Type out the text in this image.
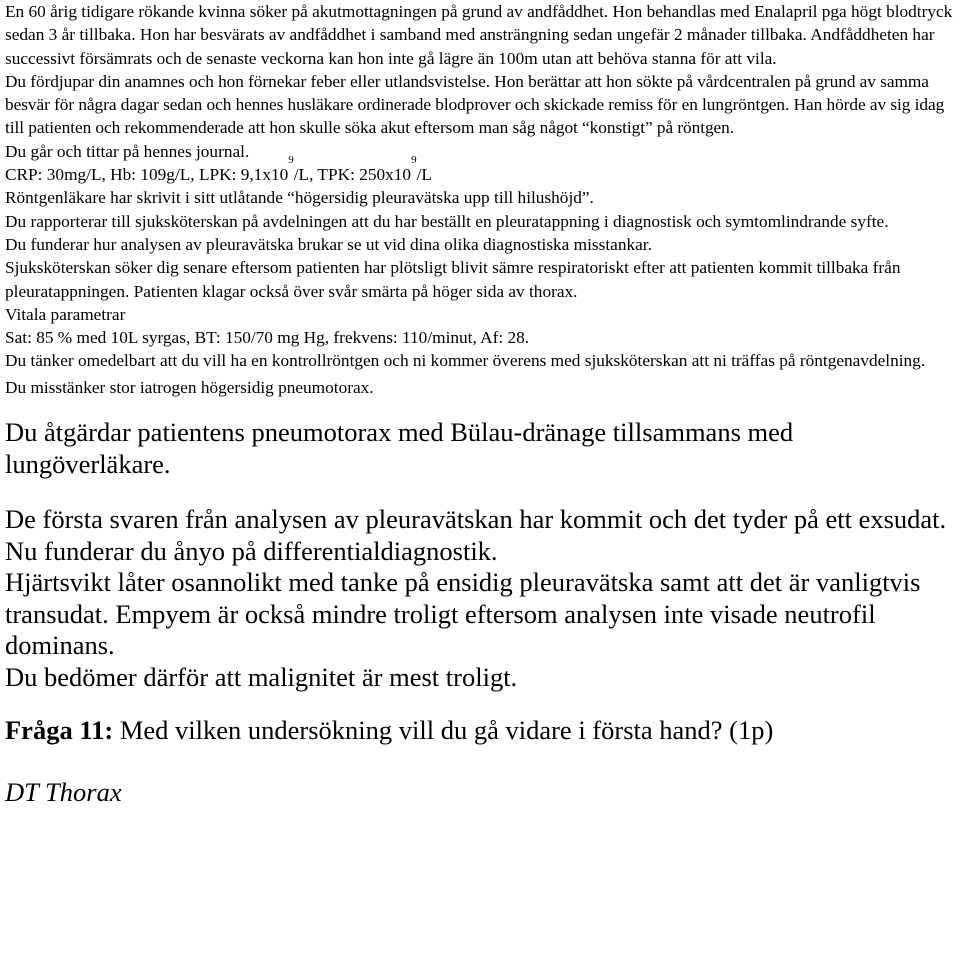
En 60 årig tidigare rökande kvinna söker på akutmottagningen på grund av andfåddhet. Hon behandlas med Enalapril pga högt blodtryck sedan 3 år tillbaka. Hon har besvärats av andfåddhet i samband med ansträngning sedan ungefär 2 månader tillbaka. Andfåddheten har successivt försämrats och de senaste veckorna kan hon inte gå lägre än 100m utan att behöva stanna för att vila.

Du fördjupar din anamnes och hon förnekar feber eller utlandsvistelse. Hon berättar att hon sökte på vårdcentralen på grund av samma besvär för några dagar sedan och hennes husläkare ordinerade blodprover och skickade remiss för en lungröntgen. Han hörde av sig idag till patienten och rekommenderade att hon skulle söka akut eftersom man såg något “konstigt” på röntgen.

Du går och tittar på hennes journal.

CRP: 30mg/L, Hb: 109g/L, LPK: $9,1x10^9/L$, TPK: $250x10^9/L$

Röntgenläkare har skrivit i sitt utlåtande “högersidig pleuravätska upp till hilushöjd”.

Du rapporterar till sjuksköterskan på avdelningen att du har beställt en pleuratappning i diagnostisk och symtomlindrande syfte.

Du funderar hur analysen av pleuravätska brukar se ut vid dina olika diagnostiska misstankar.

Sjuksköterskan söker dig senare eftersom patienten har plötsligt blivit sämre respiratoriskt efter att patienten kommit tillbaka från pleuratappningen. Patienten klagar också över svår smärta på höger sida av thorax.

Vitala parametrar

Sat: 85 % med 10L syrgas, BT: 150/70 mg Hg, frekvens: 110/minut, Af: 28.

Du tänker omedelbart att du vill ha en kontrollröntgen och ni kommer överens med sjuksköterskan att ni träffas på röntgenavdelning.

Du misstänker stor iatrogen högersidig pneumotorax.

Du åtgärdar patientens pneumotorax med Bülau-dränage tillsammans med lungöverläkare.

De första svaren från analysen av pleuravätskan har kommit och det tyder på ett exsudat.

Nu funderar du ånyo på differentialdiagnostik.

Hjärtsvikt låter osannolikt med tanke på ensidig pleuravätska samt att det är vanligtvis transudat. Empyem är också mindre troligt eftersom analysen inte visade neutrofil dominans.

Du bedömer därför att malignitet är mest troligt.

Fråga 11: Med vilken undersökning vill du gå vidare i första hand? (1p)

DT Thorax
